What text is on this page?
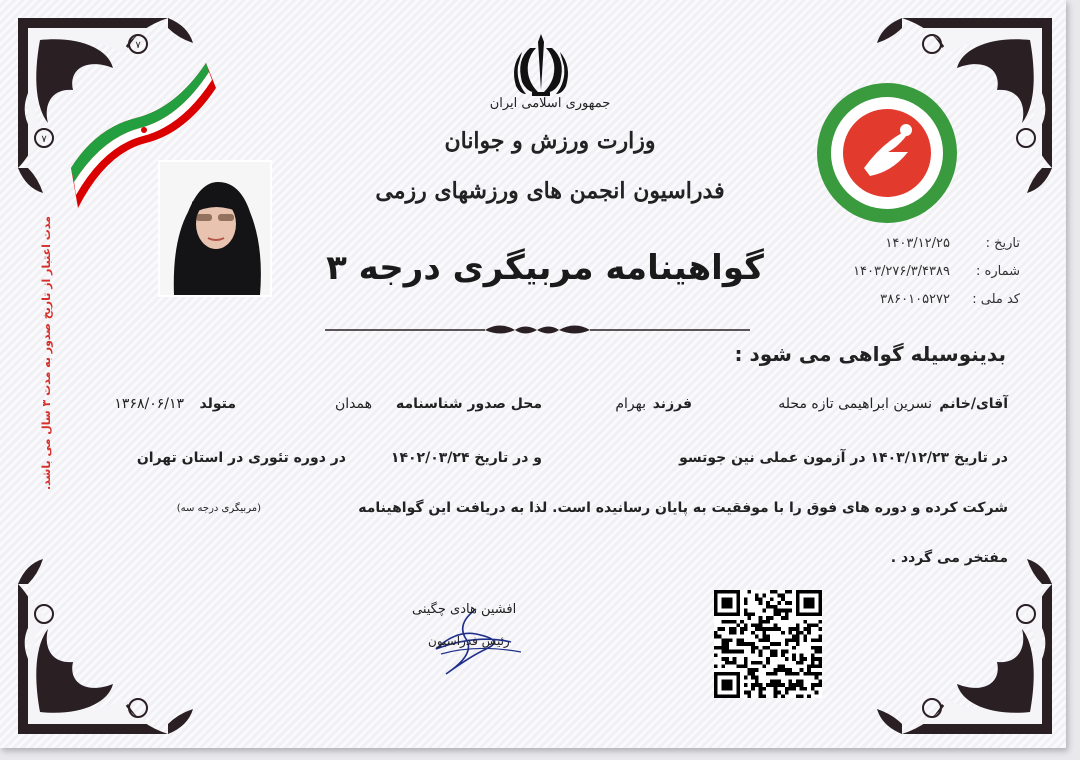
۷
۷
مدت اعتبار از تاریخ صدور به مدت ۳ سال می باشد.
جمهوری اسلامی ایران
وزارت ورزش و جوانان
فدراسیون انجمن های ورزشهای رزمی
گواهینامه مربیگری درجه ۳
تاریخ :
۱۴۰۳/۱۲/۲۵
شماره :
۱۴۰۳/۲۷۶/۳/۴۳۸۹
کد ملی :
۳۸۶۰۱۰۵۲۷۲
بدینوسیله گواهی می شود :
آقای/خانم
نسرین ابراهیمی تازه محله
فرزند
بهرام
محل صدور شناسنامه
همدان
متولد
۱۳۶۸/۰۶/۱۳
در تاریخ ۱۴۰۳/۱۲/۲۳ در آزمون عملی نین جوتسو
و در تاریخ ۱۴۰۲/۰۳/۲۴
در دوره تئوری در استان تهران
شرکت کرده و دوره های فوق را با موفقیت به پایان رسانیده است. لذا به دریافت این گواهینامه
(مربیگری درجه سه)
مفتخر می گردد .
افشین هادی چگینی
رئیس فدراسیون
